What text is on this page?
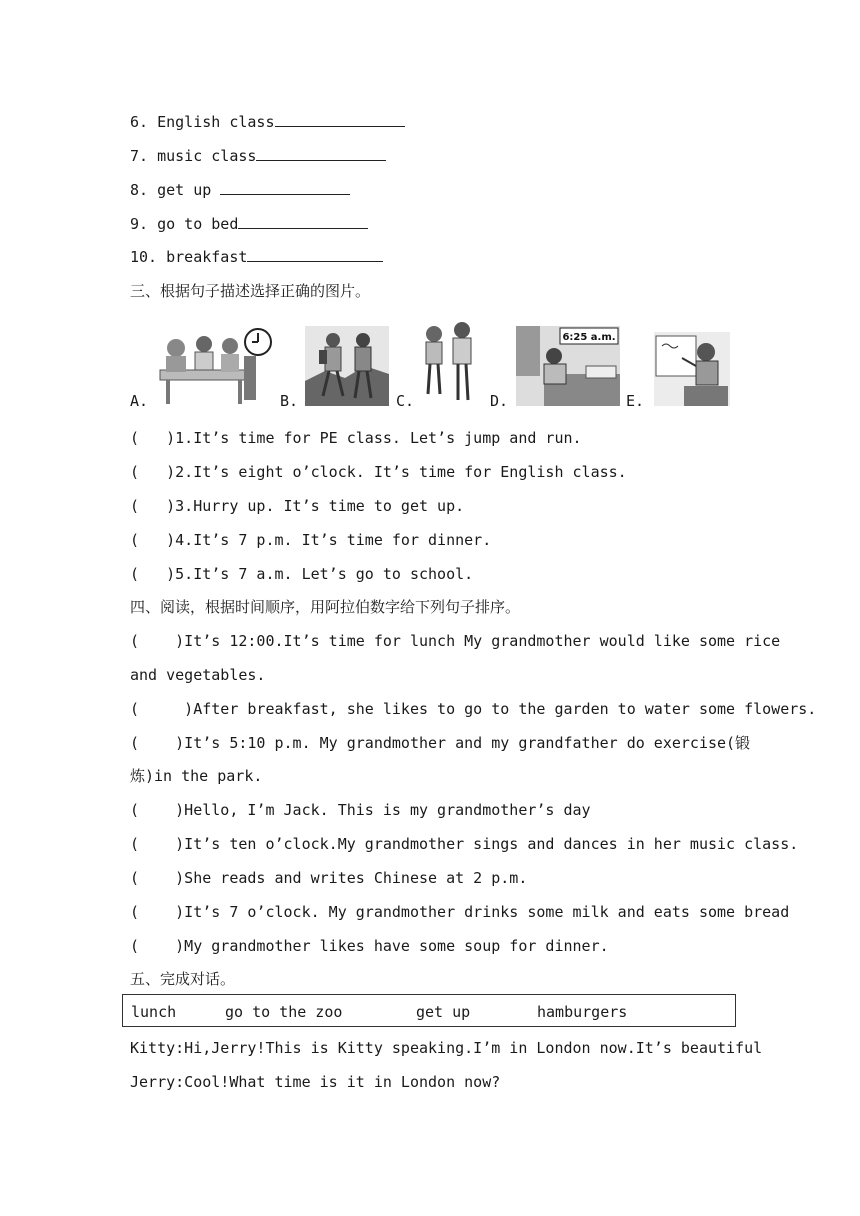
6. English class
7. music class
8. get up
9. go to bed
10. breakfast
三、根据句子描述选择正确的图片。
A.	B.	C.	D.
6:25 a.m.
E.
(   )1.It’s time for PE class. Let’s jump and run.
(   )2.It’s eight o’clock. It’s time for English class.
(   )3.Hurry up. It’s time to get up.
(   )4.It’s 7 p.m. It’s time for dinner.
(   )5.It’s 7 a.m. Let’s go to school.
四、阅读，根据时间顺序，用阿拉伯数字给下列句子排序。
(    )It’s 12:00.It’s time for lunch My grandmother would like some rice
and vegetables.
(     )After breakfast, she likes to go to the garden to water some flowers.
(    )It’s 5:10 p.m. My grandmother and my grandfather do exercise(锻
炼)in the park.
(    )Hello, I’m Jack. This is my grandmother’s day
(    )It’s ten o’clock.My grandmother sings and dances in her music class.
(    )She reads and writes Chinese at 2 p.m.
(    )It’s 7 o’clock. My grandmother drinks some milk and eats some bread
(    )My grandmother likes have some soup for dinner.
五、完成对话。
lunch	go to the zoo	get up	hamburgers
Kitty:Hi,Jerry!This is Kitty speaking.I’m in London now.It’s beautiful
Jerry:Cool!What time is it in London now?
